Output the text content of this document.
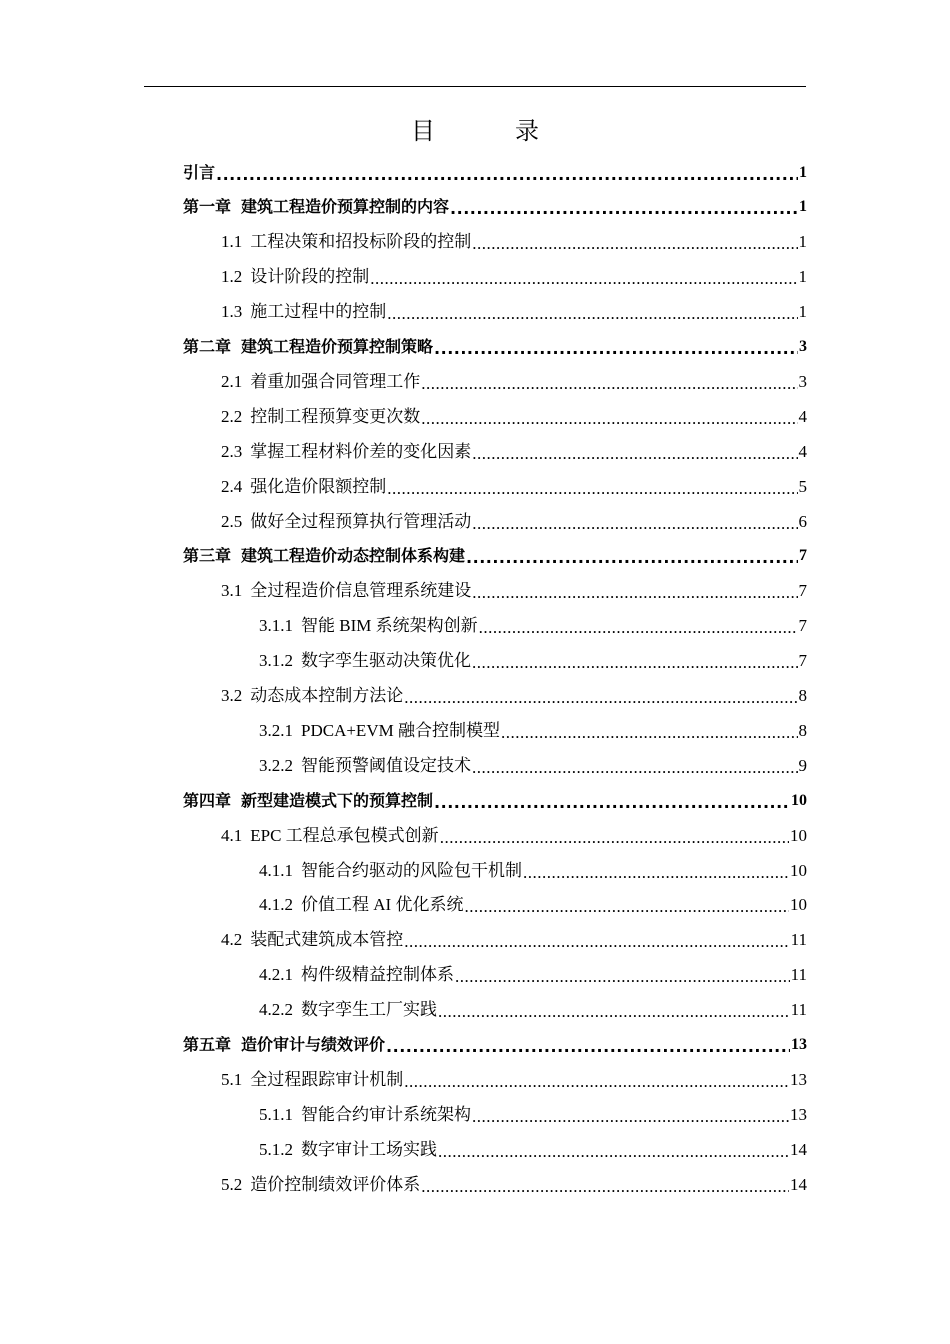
目　录
引言 .....	1
第一章 建筑工程造价预算控制的内容 .....	1
1.1 工程决策和招投标阶段的控制 .....	1
1.2 设计阶段的控制 .....	1
1.3 施工过程中的控制 .....	1
第二章 建筑工程造价预算控制策略 .....	3
2.1 着重加强合同管理工作 .....	3
2.2 控制工程预算变更次数 .....	4
2.3 掌握工程材料价差的变化因素 .....	4
2.4 强化造价限额控制 .....	5
2.5 做好全过程预算执行管理活动 .....	6
第三章 建筑工程造价动态控制体系构建 .....	7
3.1 全过程造价信息管理系统建设 .....	7
3.1.1 智能 BIM 系统架构创新 .....	7
3.1.2 数字孪生驱动决策优化 .....	7
3.2 动态成本控制方法论 .....	8
3.2.1 PDCA+EVM 融合控制模型 .....	8
3.2.2 智能预警阈值设定技术 .....	9
第四章 新型建造模式下的预算控制 .....	10
4.1 EPC 工程总承包模式创新 .....	10
4.1.1 智能合约驱动的风险包干机制 .....	10
4.1.2 价值工程 AI 优化系统 .....	10
4.2 装配式建筑成本管控 .....	11
4.2.1 构件级精益控制体系 .....	11
4.2.2 数字孪生工厂实践 .....	11
第五章 造价审计与绩效评价 .....	13
5.1 全过程跟踪审计机制 .....	13
5.1.1 智能合约审计系统架构 .....	13
5.1.2 数字审计工场实践 .....	14
5.2 造价控制绩效评价体系 .....	14
